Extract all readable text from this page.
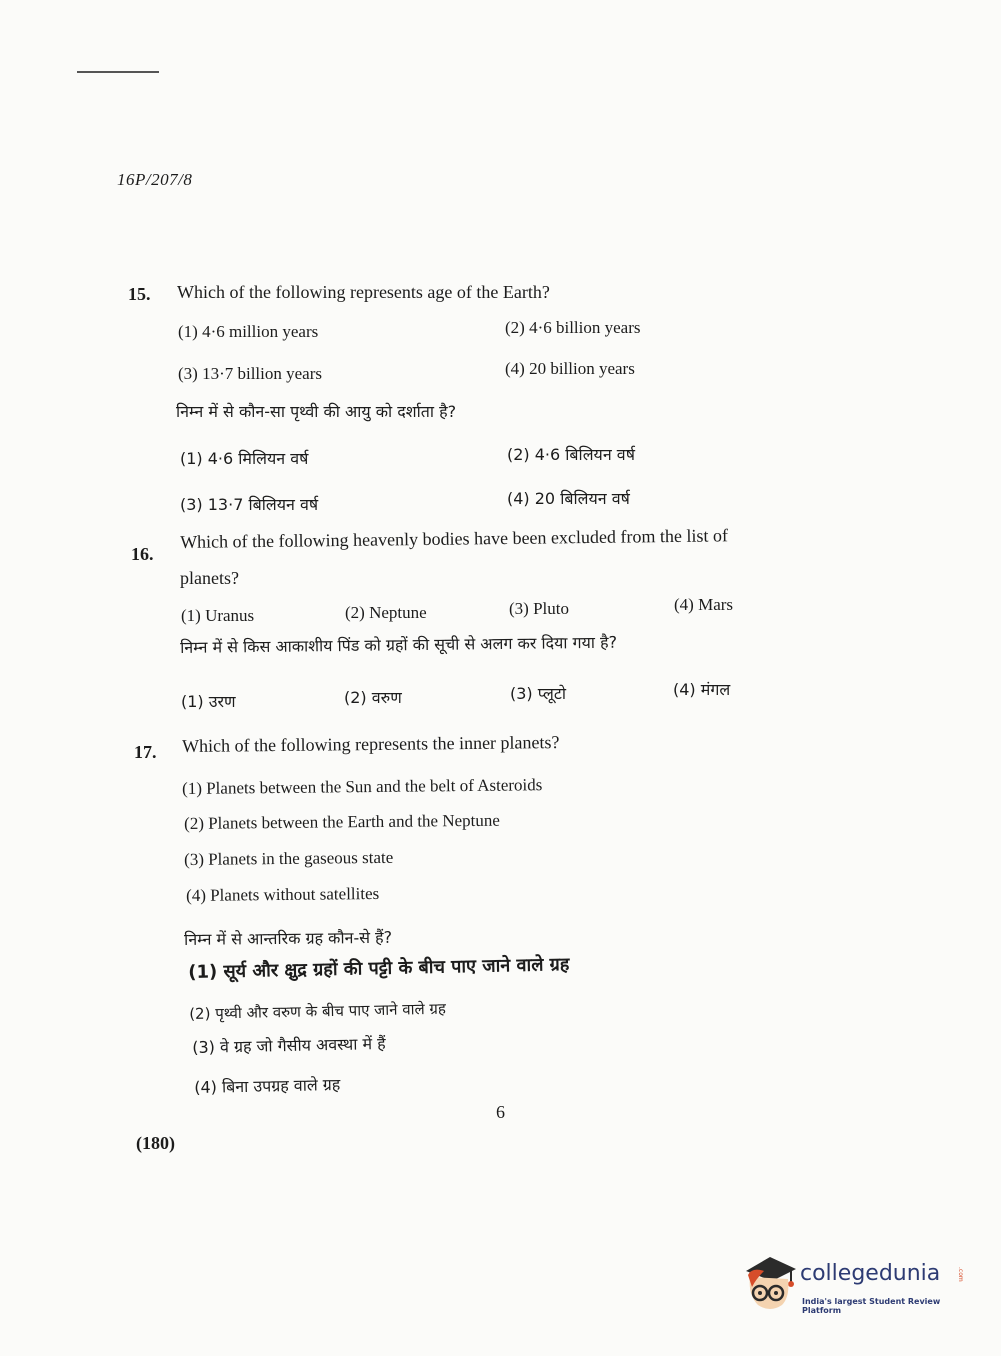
16P/207/8
15. Which of the following represents age of the Earth?
(1) 4·6 million years	(2) 4·6 billion years
(3) 13·7 billion years	(4) 20 billion years
निम्न में से कौन-सा पृथ्वी की आयु को दर्शाता है?
(1) 4·6 मिलियन वर्ष	(2) 4·6 बिलियन वर्ष
(3) 13·7 बिलियन वर्ष	(4) 20 बिलियन वर्ष
16.
Which of the following heavenly bodies have been excluded from the list of
planets?
(1) Uranus	(2) Neptune	(3) Pluto	(4) Mars
निम्न में से किस आकाशीय पिंड को ग्रहों की सूची से अलग कर दिया गया है?
(1) उरण	(2) वरुण	(3) प्लूटो	(4) मंगल
17. Which of the following represents the inner planets?
(1) Planets between the Sun and the belt of Asteroids
(2) Planets between the Earth and the Neptune
(3) Planets in the gaseous state
(4) Planets without satellites
निम्न में से आन्तरिक ग्रह कौन-से हैं?
(1) सूर्य और क्षुद्र ग्रहों की पट्टी के बीच पाए जाने वाले ग्रह
(2) पृथ्वी और वरुण के बीच पाए जाने वाले ग्रह
(3) वे ग्रह जो गैसीय अवस्था में हैं
(4) बिना उपग्रह वाले ग्रह
6
(180)
collegedunia	.com
India's largest Student Review Platform
